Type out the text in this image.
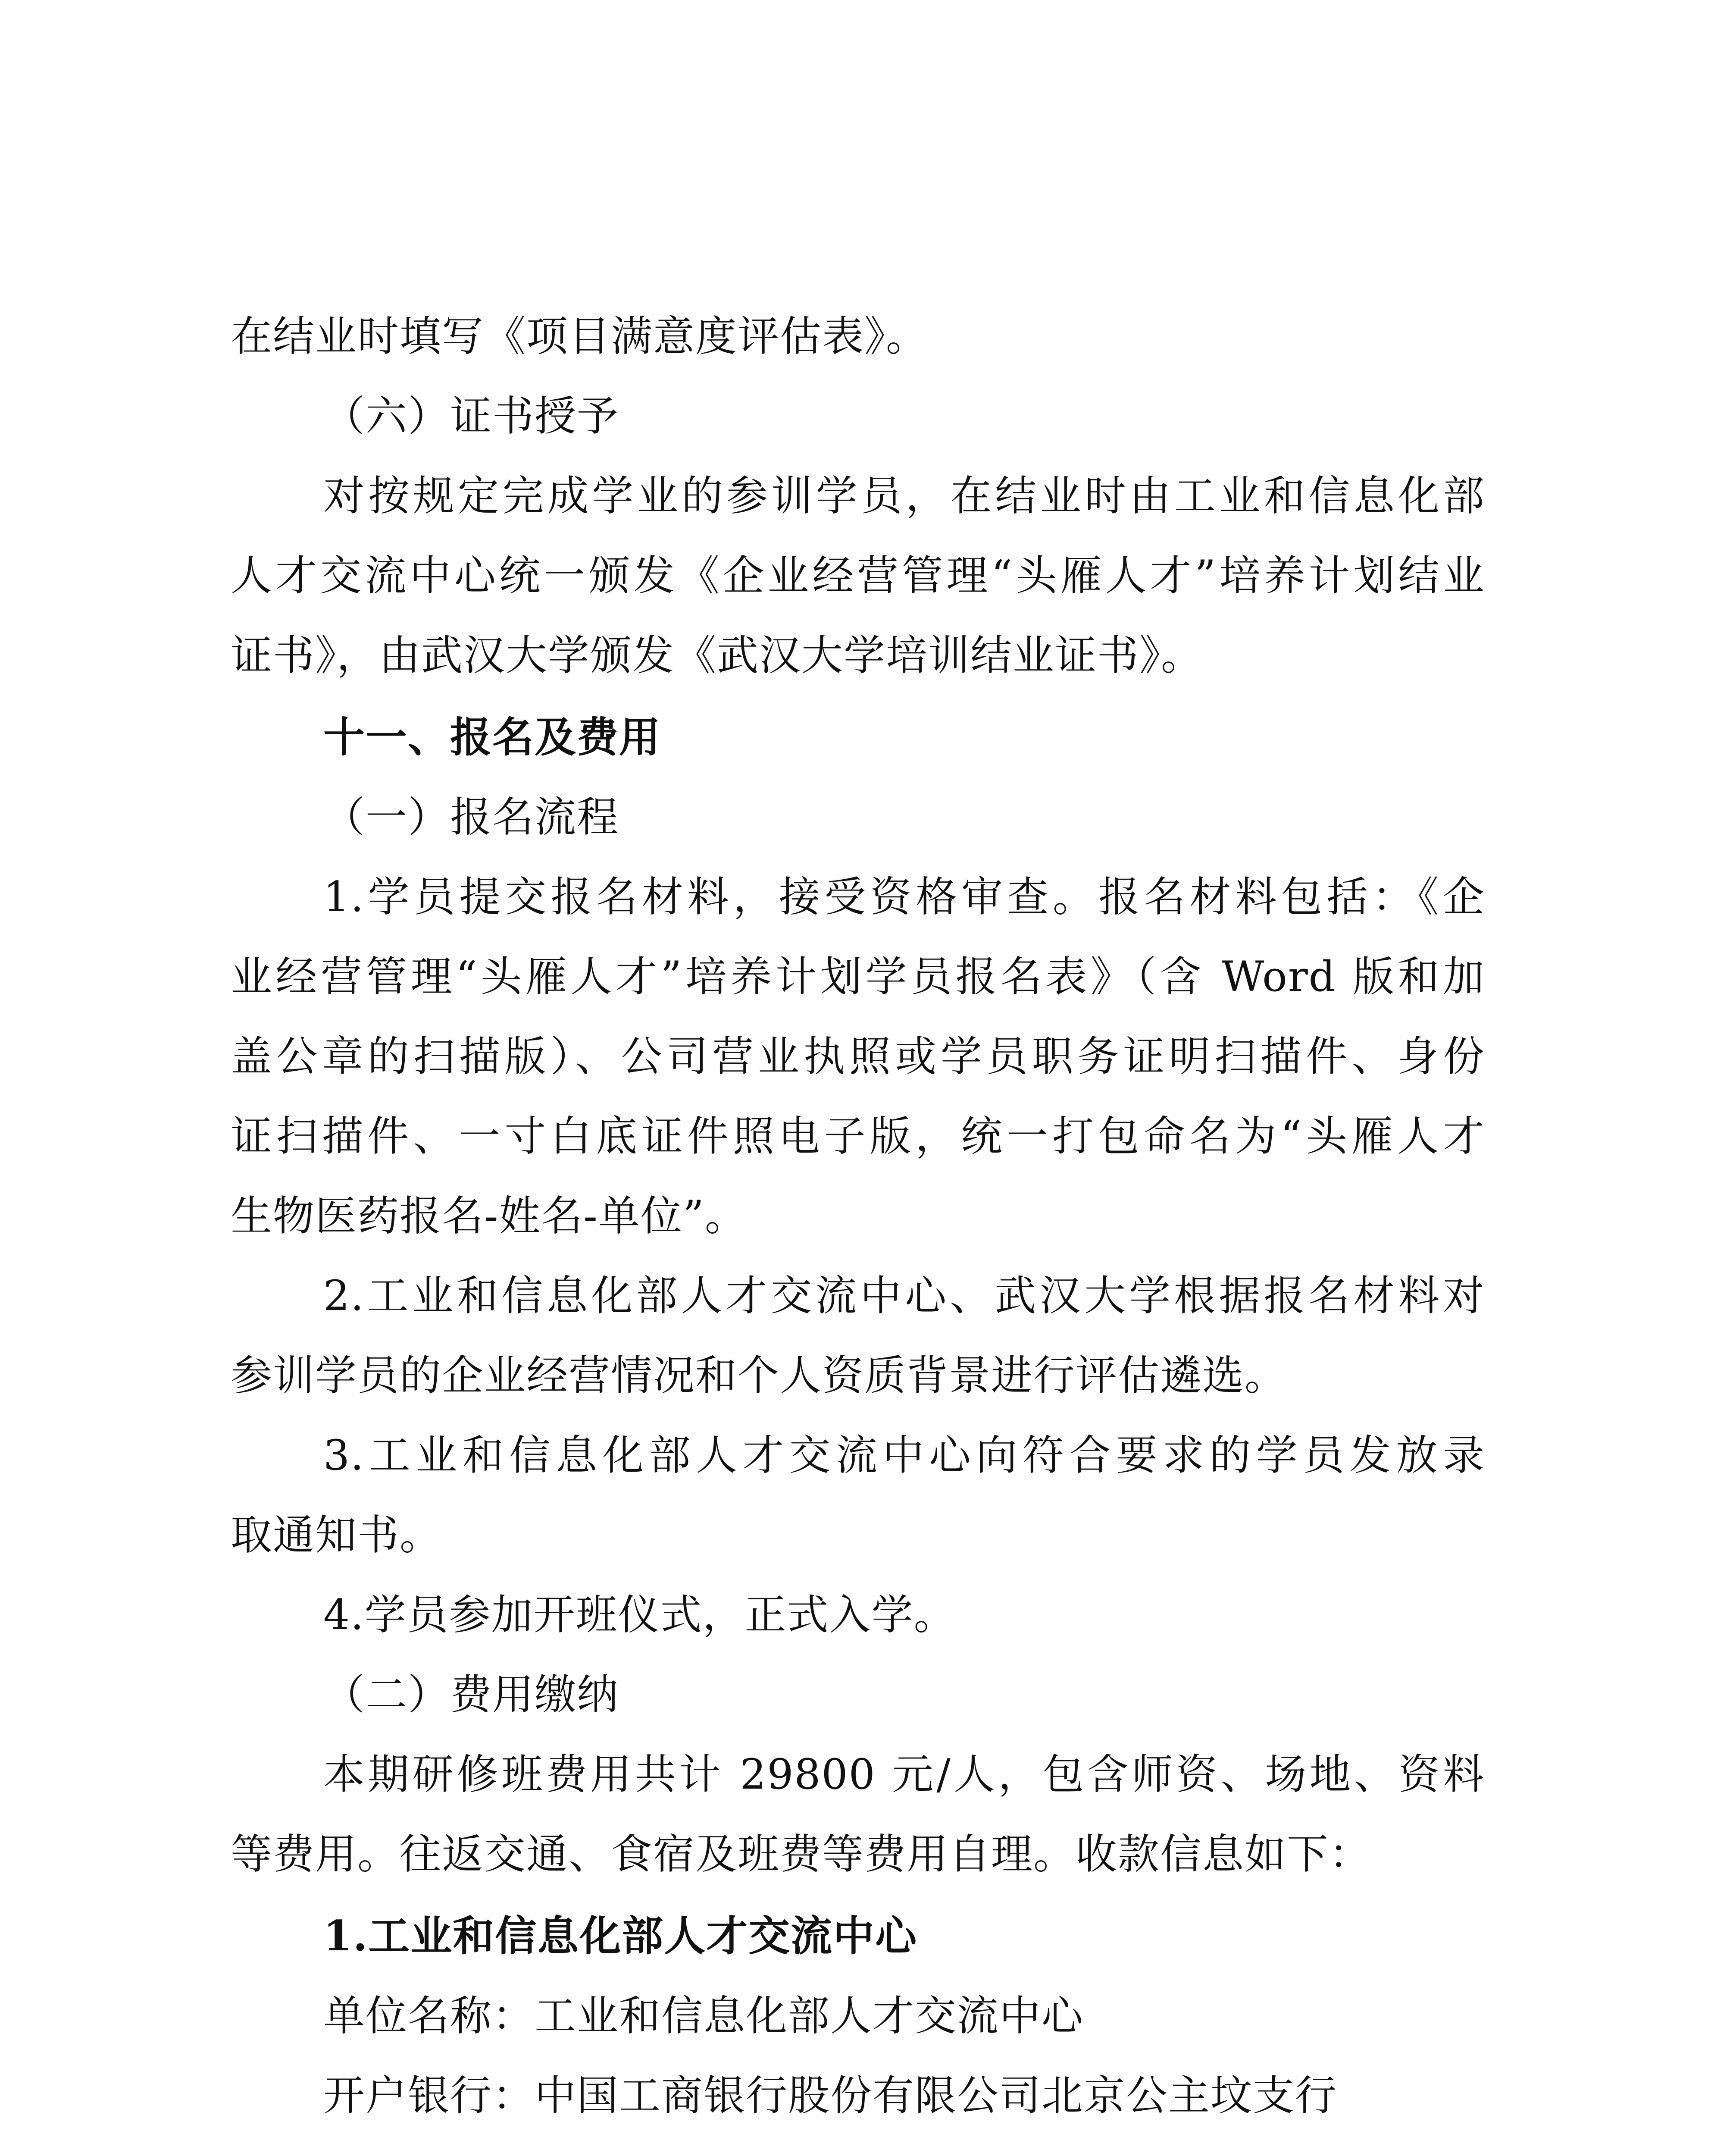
在结业时填写《项目满意度评估表》。
（六）证书授予
对按规定完成学业的参训学员，在结业时由工业和信息化部
人才交流中心统一颁发《企业经营管理“头雁人才”培养计划结业
证书》，由武汉大学颁发《武汉大学培训结业证书》。
十一、报名及费用
（一）报名流程
1.学员提交报名材料，接受资格审查。报名材料包括：《企
业经营管理“头雁人才”培养计划学员报名表》（含 Word 版和加
盖公章的扫描版）、公司营业执照或学员职务证明扫描件、身份
证扫描件、一寸白底证件照电子版，统一打包命名为“头雁人才
生物医药报名-姓名-单位”。
2.工业和信息化部人才交流中心、武汉大学根据报名材料对
参训学员的企业经营情况和个人资质背景进行评估遴选。
3.工业和信息化部人才交流中心向符合要求的学员发放录
取通知书。
4.学员参加开班仪式，正式入学。
（二）费用缴纳
本期研修班费用共计 29800 元/人，包含师资、场地、资料
等费用。往返交通、食宿及班费等费用自理。收款信息如下：
1.工业和信息化部人才交流中心
单位名称：工业和信息化部人才交流中心
开户银行：中国工商银行股份有限公司北京公主坟支行
